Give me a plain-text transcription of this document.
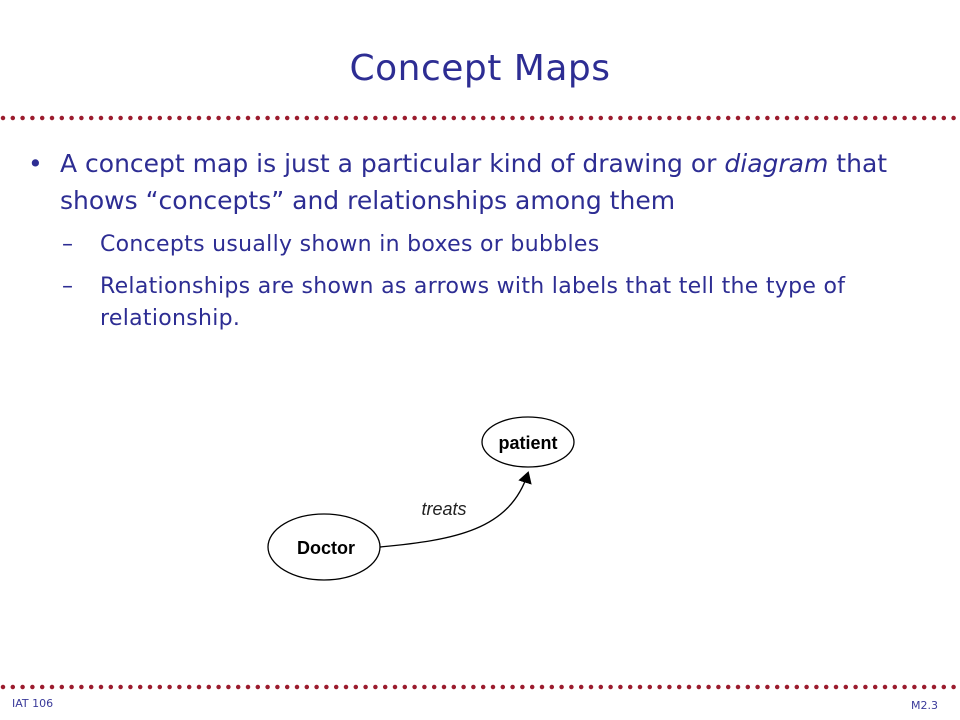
Concept Maps
• A concept map is just a particular kind of drawing or diagram that shows “concepts” and relationships among them
–	Concepts usually shown in boxes or bubbles
–	Relationships are shown as arrows with labels that tell the type of relationship.
patient
Doctor
treats
IAT 106	M2.3
